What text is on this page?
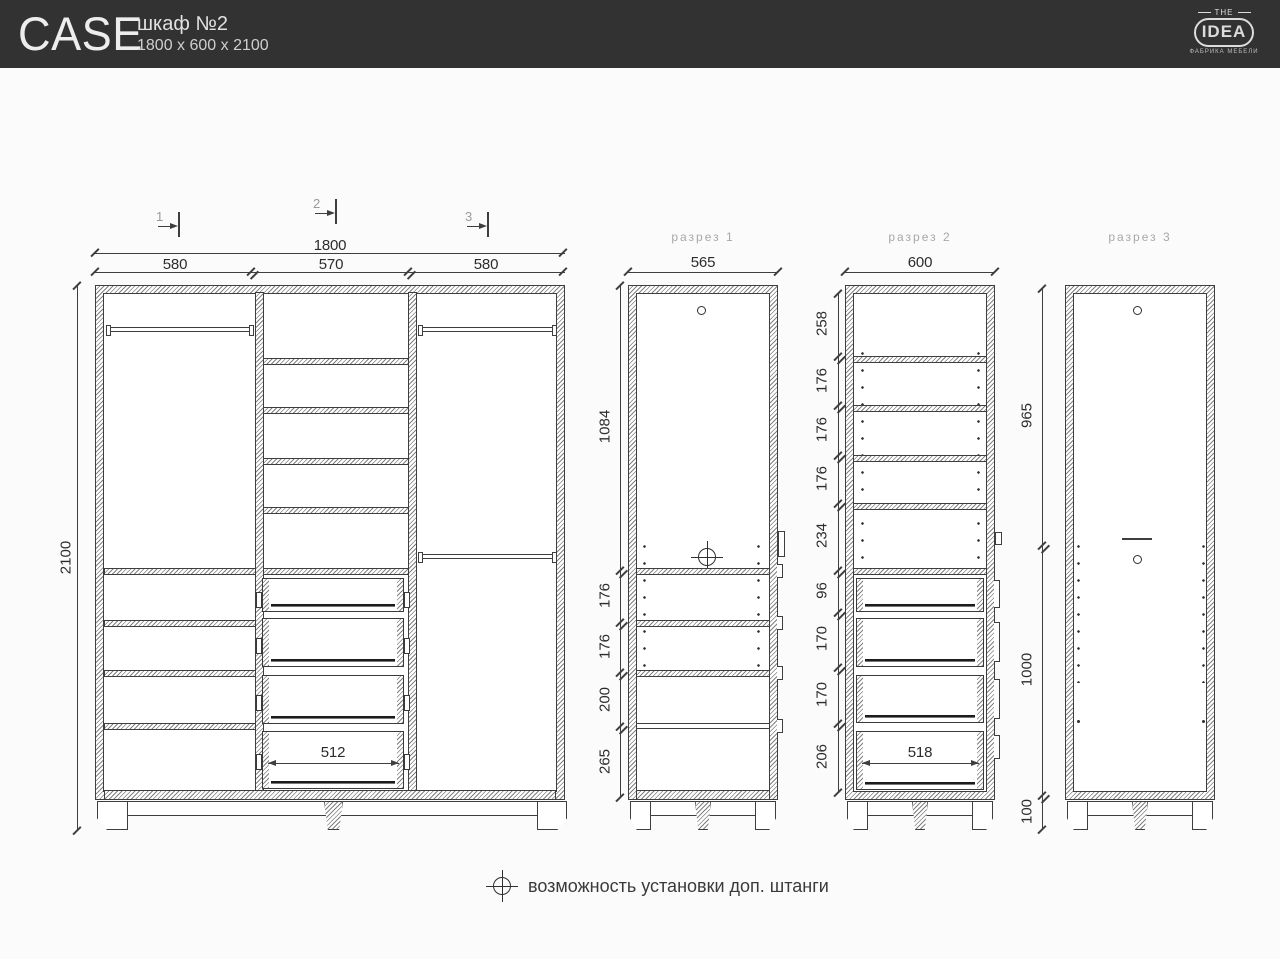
CASE
шкаф №2
1800 x 600 x 2100
THE
IDEA
ФАБРИКА МЕБЕЛИ
1
2
3
1800
580	570	580
2100
512
разрез 1
565
1084
176
176
200
265
разрез 2
600
518
258
176
176
176
234
96
170
170
206
разрез 3
965
1000
100
возможность установки доп. штанги
